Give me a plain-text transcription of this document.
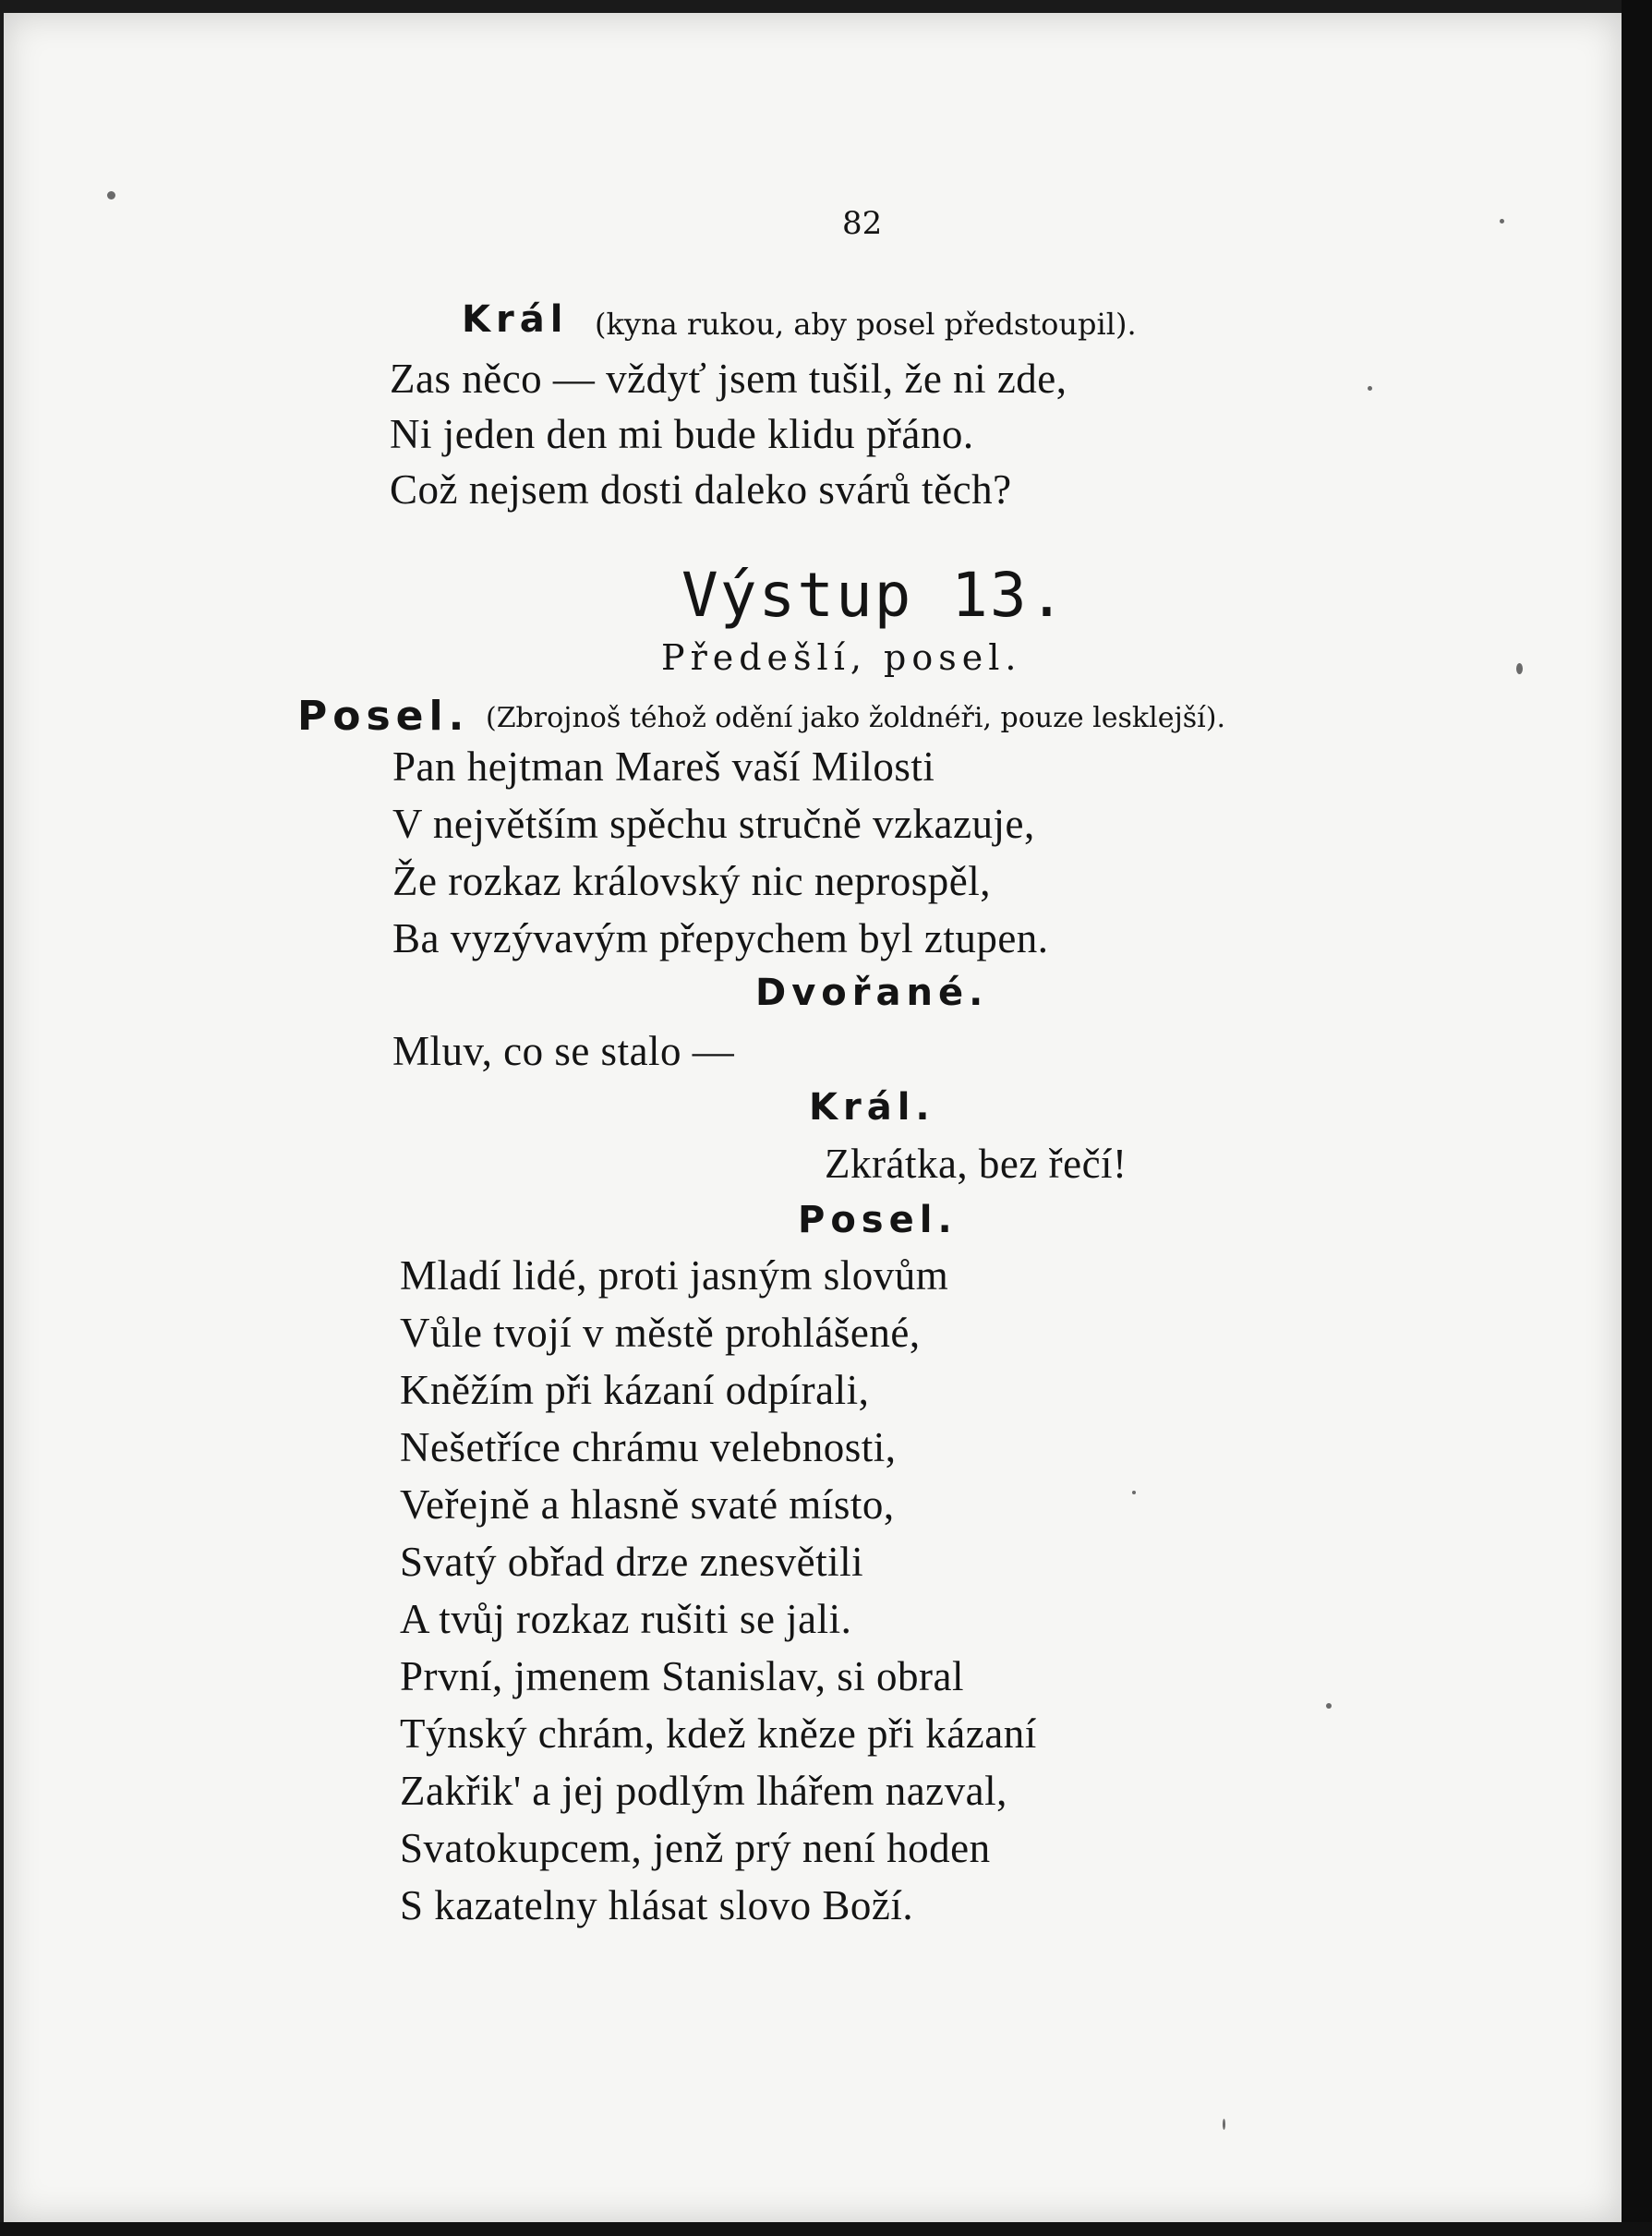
82
Král (kyna rukou, aby posel předstoupil).
Zas něco — vždyť jsem tušil, že ni zde,
Ni jeden den mi bude klidu přáno.
Což nejsem dosti daleko svárů těch?
Výstup 13.
Předešlí, posel.
Posel. (Zbrojnoš téhož odění jako žoldnéři, pouze lesklejší).
Pan hejtman Mareš vaší Milosti
V největším spěchu stručně vzkazuje,
Že rozkaz královský nic neprospěl,
Ba vyzývavým přepychem byl ztupen.
Dvořané.
Mluv, co se stalo —
Král.
Zkrátka, bez řečí!
Posel.
Mladí lidé, proti jasným slovům
Vůle tvojí v městě prohlášené,
Kněžím při kázaní odpírali,
Nešetříce chrámu velebnosti,
Veřejně a hlasně svaté místo,
Svatý obřad drze znesvětili
A tvůj rozkaz rušiti se jali.
První, jmenem Stanislav, si obral
Týnský chrám, kdež kněze při kázaní
Zakřik' a jej podlým lhářem nazval,
Svatokupcem, jenž prý není hoden
S kazatelny hlásat slovo Boží.
